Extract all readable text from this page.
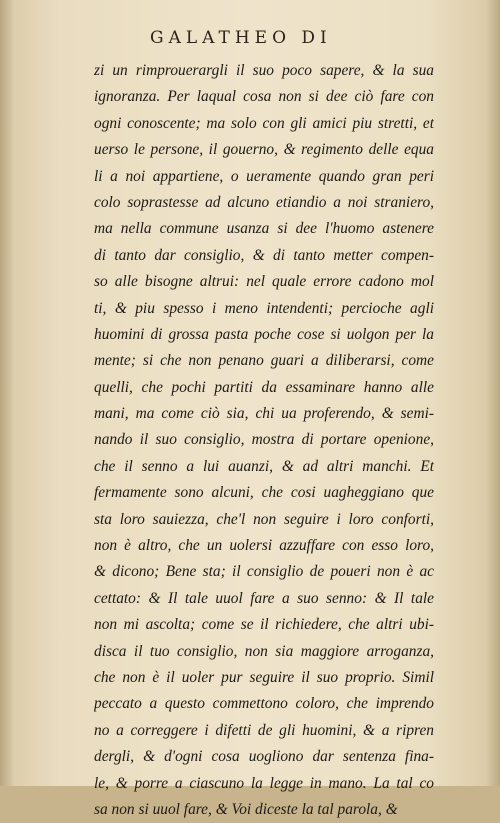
GALATHEO DI
zi un rimprouerargli il suo poco sapere, & la sua
ignoranza. Per laqual cosa non si dee ciò fare con
ogni conoscente; ma solo con gli amici piu stretti, et
uerso le persone, il gouerno, & regimento delle equa
li a noi appartiene, o ueramente quando gran peri
colo soprastesse ad alcuno etiandio a noi straniero,
ma nella commune usanza si dee l'huomo astenere
di tanto dar consiglio, & di tanto metter compen-
so alle bisogne altrui: nel quale errore cadono mol
ti, & piu spesso i meno intendenti; percioche agli
huomini di grossa pasta poche cose si uolgon per la
mente; si che non penano guari a diliberarsi, come
quelli, che pochi partiti da essaminare hanno alle
mani, ma come ciò sia, chi ua proferendo, & semi-
nando il suo consiglio, mostra di portare openione,
che il senno a lui auanzi, & ad altri manchi. Et
fermamente sono alcuni, che cosi uagheggiano que
sta loro sauiezza, che'l non seguire i loro conforti,
non è altro, che un uolersi azzuffare con esso loro,
& dicono; Bene sta; il consiglio de poueri non è ac
cettato: & Il tale uuol fare a suo senno: & Il tale
non mi ascolta; come se il richiedere, che altri ubi-
disca il tuo consiglio, non sia maggiore arroganza,
che non è il uoler pur seguire il suo proprio. Simil
peccato a questo commettono coloro, che imprendo
no a correggere i difetti de gli huomini, & a ripren
dergli, & d'ogni cosa uogliono dar sentenza fina-
le, & porre a ciascuno la legge in mano. La tal co
sa non si uuol fare, & Voi diceste la tal parola, &
